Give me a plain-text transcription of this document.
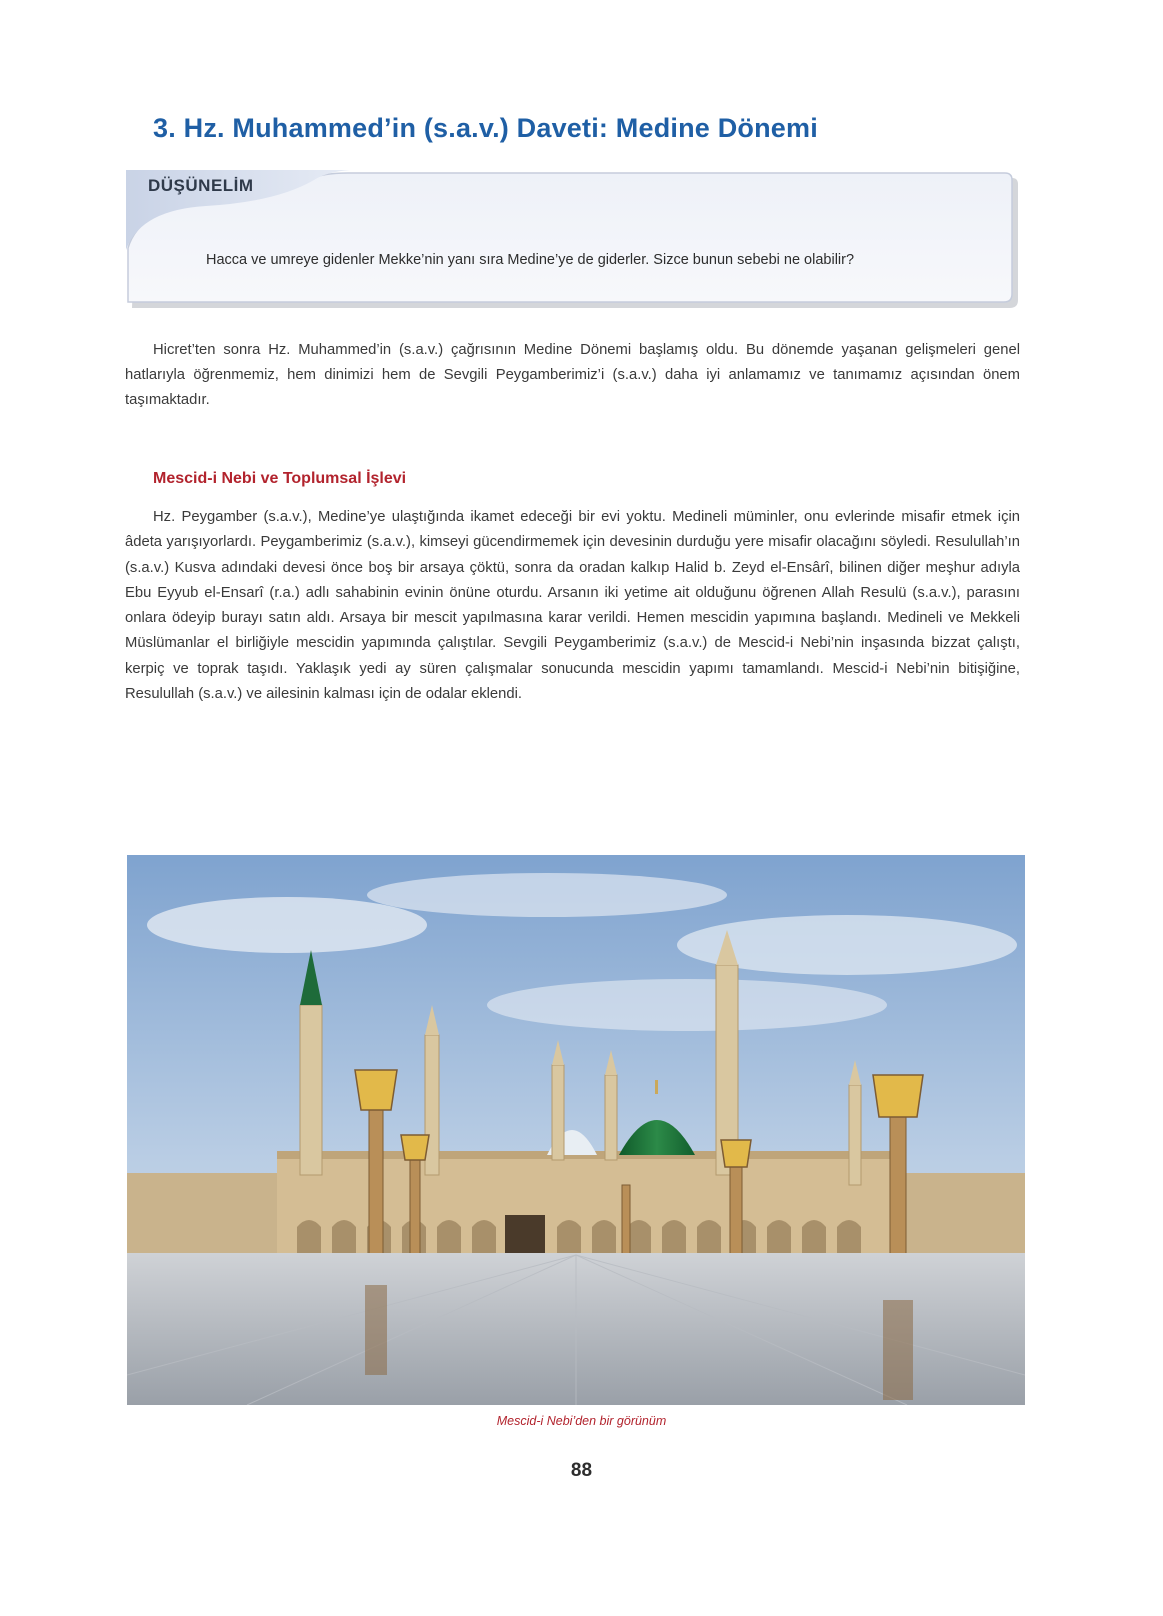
3. Hz. Muhammed’in (s.a.v.) Daveti: Medine Dönemi
DÜŞÜNELİM
Hacca ve umreye gidenler Mekke’nin yanı sıra Medine’ye de giderler. Sizce bunun sebebi ne olabilir?

Hicret’ten sonra Hz. Muhammed’in (s.a.v.) çağrısının Medine Dönemi başlamış oldu. Bu dönemde yaşanan gelişmeleri genel hatlarıyla öğrenmemiz, hem dinimizi hem de Sevgili Peygamberimiz’i (s.a.v.) daha iyi anlamamız ve tanımamız açısından önem taşımaktadır.

Mescid-i Nebi ve Toplumsal İşlevi

Hz. Peygamber (s.a.v.), Medine’ye ulaştığında ikamet edeceği bir evi yoktu. Medineli müminler, onu evlerinde misafir etmek için âdeta yarışıyorlardı. Peygamberimiz (s.a.v.), kimseyi gücendirmemek için devesinin durduğu yere misafir olacağını söyledi. Resulullah’ın (s.a.v.) Kusva adındaki devesi önce boş bir arsaya çöktü, sonra da oradan kalkıp Halid b. Zeyd el-Ensârî, bilinen diğer meşhur adıyla Ebu Eyyub el-Ensarî (r.a.) adlı sahabinin evinin önüne oturdu. Arsanın iki yetime ait olduğunu öğrenen Allah Resulü (s.a.v.), parasını onlara ödeyip burayı satın aldı. Arsaya bir mescit yapılmasına karar verildi. Hemen mescidin yapımına başlandı. Medineli ve Mekkeli Müslümanlar el birliğiyle mescidin yapımında çalıştılar. Sevgili Peygamberimiz (s.a.v.) de Mescid-i Nebi’nin inşasında bizzat çalıştı, kerpiç ve toprak taşıdı. Yaklaşık yedi ay süren çalışmalar sonucunda mescidin yapımı tamamlandı. Mescid-i Nebi’nin bitişiğine, Resulullah (s.a.v.) ve ailesinin kalması için de odalar eklendi.

Mescid-i Nebi’den bir görünüm
88
